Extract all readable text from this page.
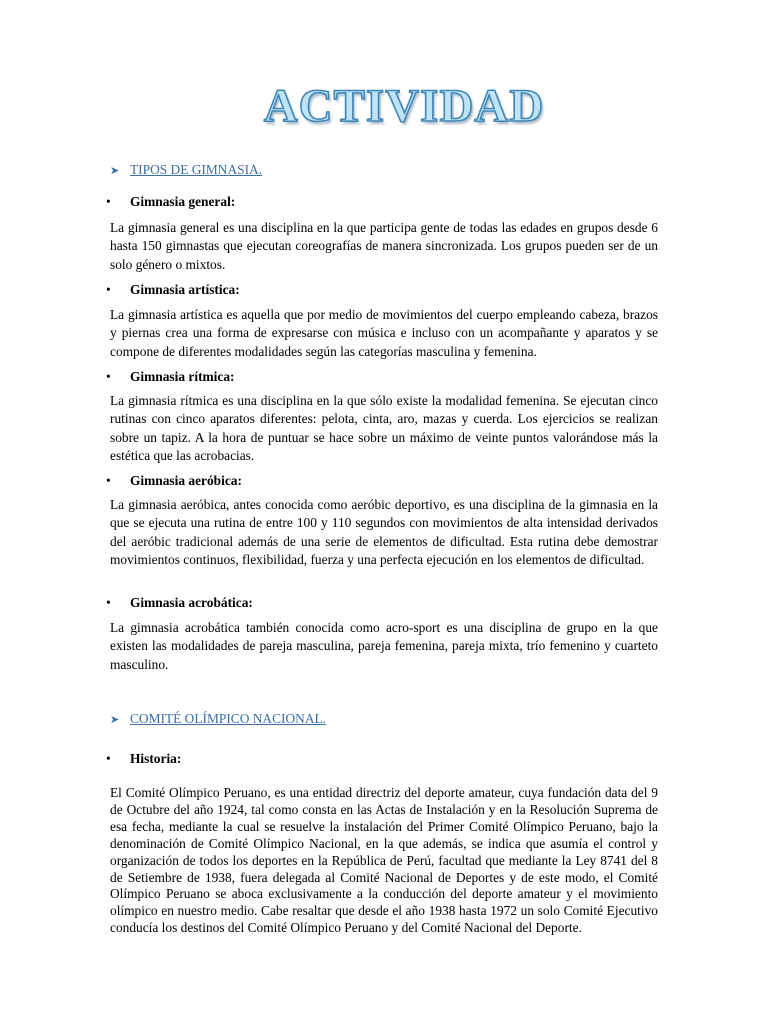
ACTIVIDAD
➤ TIPOS DE GIMNASIA.
• Gimnasia general:
La gimnasia general es una disciplina en la que participa gente de todas las edades en grupos desde 6 hasta 150 gimnastas que ejecutan coreografías de manera sincronizada. Los grupos pueden ser de un solo género o mixtos.
• Gimnasia artística:
La gimnasia artística es aquella que por medio de movimientos del cuerpo empleando cabeza, brazos y piernas crea una forma de expresarse con música e incluso con un acompañante y aparatos y se compone de diferentes modalidades según las categorías masculina y femenina.
• Gimnasia rítmica:
La gimnasia rítmica es una disciplina en la que sólo existe la modalidad femenina. Se ejecutan cinco rutinas con cinco aparatos diferentes: pelota, cinta, aro, mazas y cuerda. Los ejercicios se realizan sobre un tapiz. A la hora de puntuar se hace sobre un máximo de veinte puntos valorándose más la estética que las acrobacias.
• Gimnasia aeróbica:
La gimnasia aeróbica, antes conocida como aeróbic deportivo, es una disciplina de la gimnasia en la que se ejecuta una rutina de entre 100 y 110 segundos con movimientos de alta intensidad derivados del aeróbic tradicional además de una serie de elementos de dificultad. Esta rutina debe demostrar movimientos continuos, flexibilidad, fuerza y una perfecta ejecución en los elementos de dificultad.
• Gimnasia acrobática:
La gimnasia acrobática también conocida como acro-sport es una disciplina de grupo en la que existen las modalidades de pareja masculina, pareja femenina, pareja mixta, trío femenino y cuarteto masculino.
➤ COMITÉ OLÍMPICO NACIONAL.
• Historia:
El Comité Olímpico Peruano, es una entidad directriz del deporte amateur, cuya fundación data del 9 de Octubre del año 1924, tal como consta en las Actas de Instalación y en la Resolución Suprema de esa fecha, mediante la cual se resuelve la instalación del Primer Comité Olímpico Peruano, bajo la denominación de Comité Olímpico Nacional, en la que además, se indica que asumía el control y organización de todos los deportes en la República de Perú, facultad que mediante la Ley 8741 del 8 de Setiembre de 1938, fuera delegada al Comité Nacional de Deportes y de este modo, el Comité Olímpico Peruano se aboca exclusivamente a la conducción del deporte amateur y el movimiento olímpico en nuestro medio. Cabe resaltar que desde el año 1938 hasta 1972 un solo Comité Ejecutivo conducía los destinos del Comité Olímpico Peruano y del Comité Nacional del Deporte.
